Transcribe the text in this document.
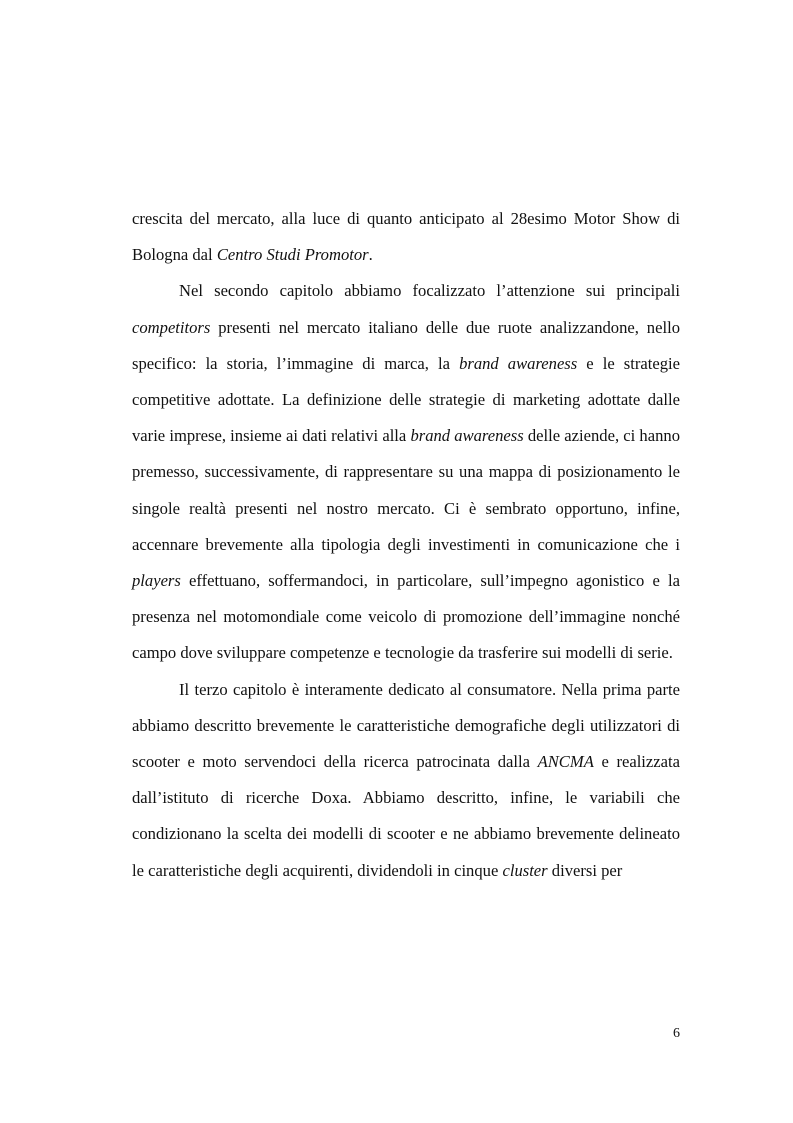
crescita del mercato, alla luce di quanto anticipato al 28esimo Motor Show di Bologna dal Centro Studi Promotor.

Nel secondo capitolo abbiamo focalizzato l’attenzione sui principali competitors presenti nel mercato italiano delle due ruote analizzandone, nello specifico: la storia, l’immagine di marca, la brand awareness e le strategie competitive adottate. La definizione delle strategie di marketing adottate dalle varie imprese, insieme ai dati relativi alla brand awareness delle aziende, ci hanno premesso, successivamente, di rappresentare su una mappa di posizionamento le singole realtà presenti nel nostro mercato. Ci è sembrato opportuno, infine, accennare brevemente alla tipologia degli investimenti in comunicazione che i players effettuano, soffermandoci, in particolare, sull’impegno agonistico e la presenza nel motomondiale come veicolo di promozione dell’immagine nonché campo dove sviluppare competenze e tecnologie da trasferire sui modelli di serie.

Il terzo capitolo è interamente dedicato al consumatore. Nella prima parte abbiamo descritto brevemente le caratteristiche demografiche degli utilizzatori di scooter e moto servendoci della ricerca patrocinata dalla ANCMA e realizzata dall’istituto di ricerche Doxa. Abbiamo descritto, infine, le variabili che condizionano la scelta dei modelli di scooter e ne abbiamo brevemente delineato le caratteristiche degli acquirenti, dividendoli in cinque cluster diversi per

6
